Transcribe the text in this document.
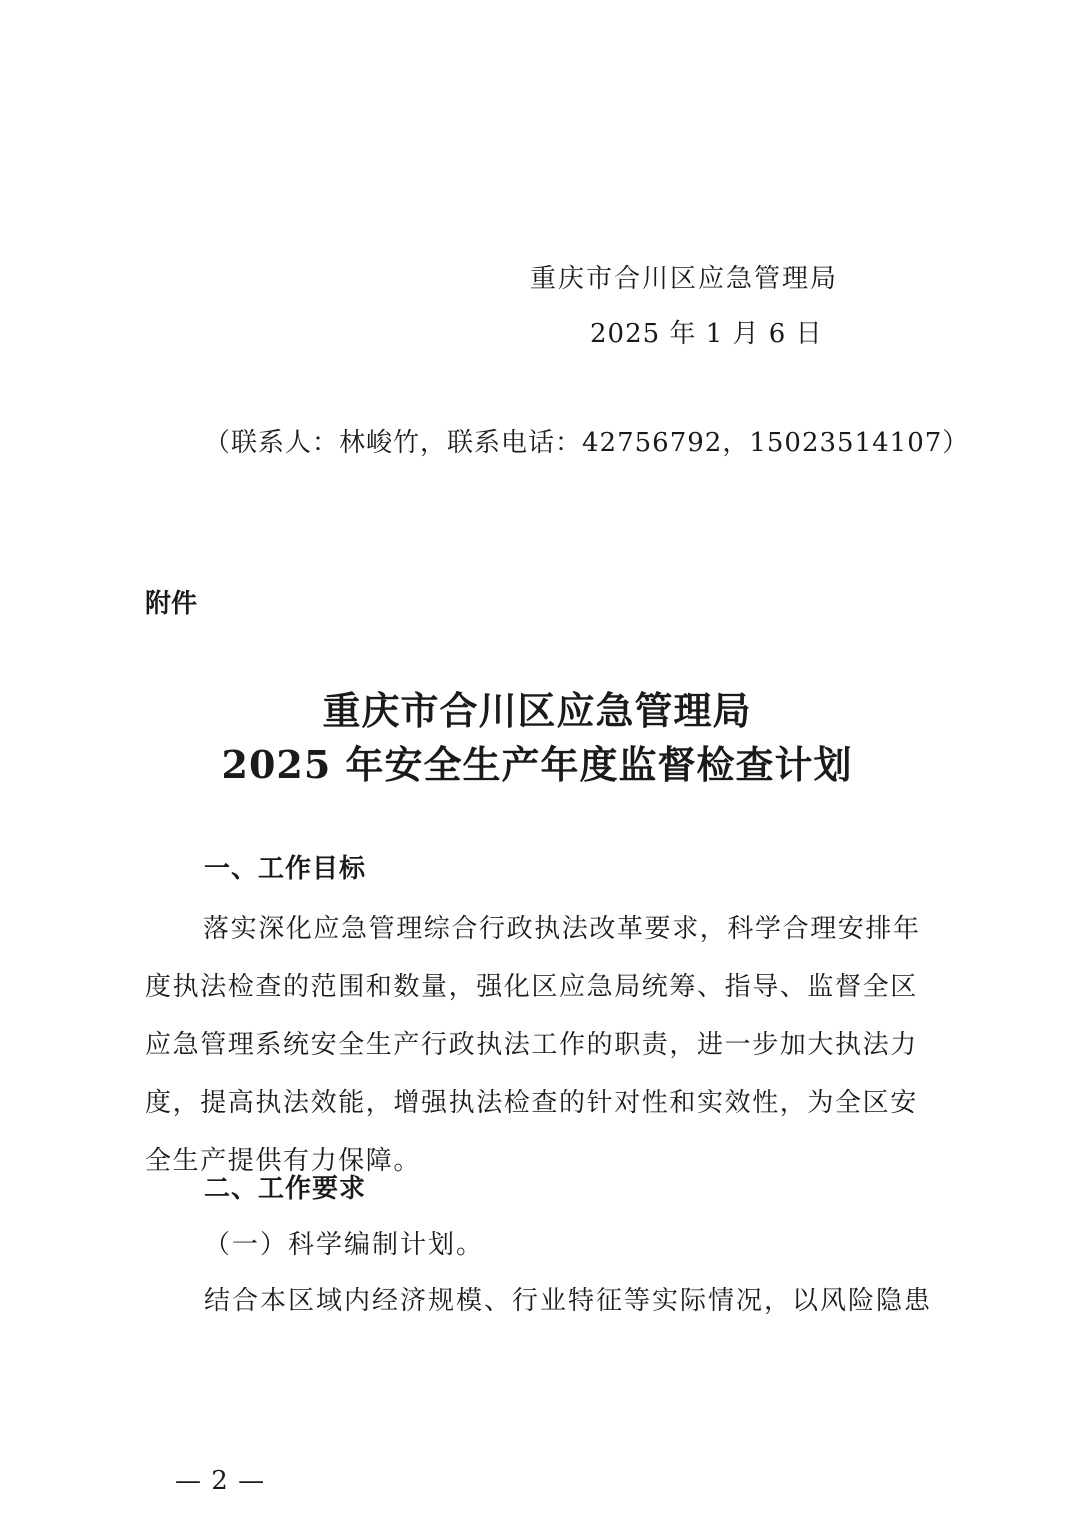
重庆市合川区应急管理局
2025 年 1 月 6 日
（联系人：林峻竹，联系电话：42756792，15023514107）
附件
重庆市合川区应急管理局
2025 年安全生产年度监督检查计划
一、工作目标
落实深化应急管理综合行政执法改革要求，科学合理安排年度执法检查的范围和数量，强化区应急局统筹、指导、监督全区应急管理系统安全生产行政执法工作的职责，进一步加大执法力度，提高执法效能，增强执法检查的针对性和实效性，为全区安全生产提供有力保障。
二、工作要求
（一）科学编制计划。
结合本区域内经济规模、行业特征等实际情况，以风险隐患
— 2 —
